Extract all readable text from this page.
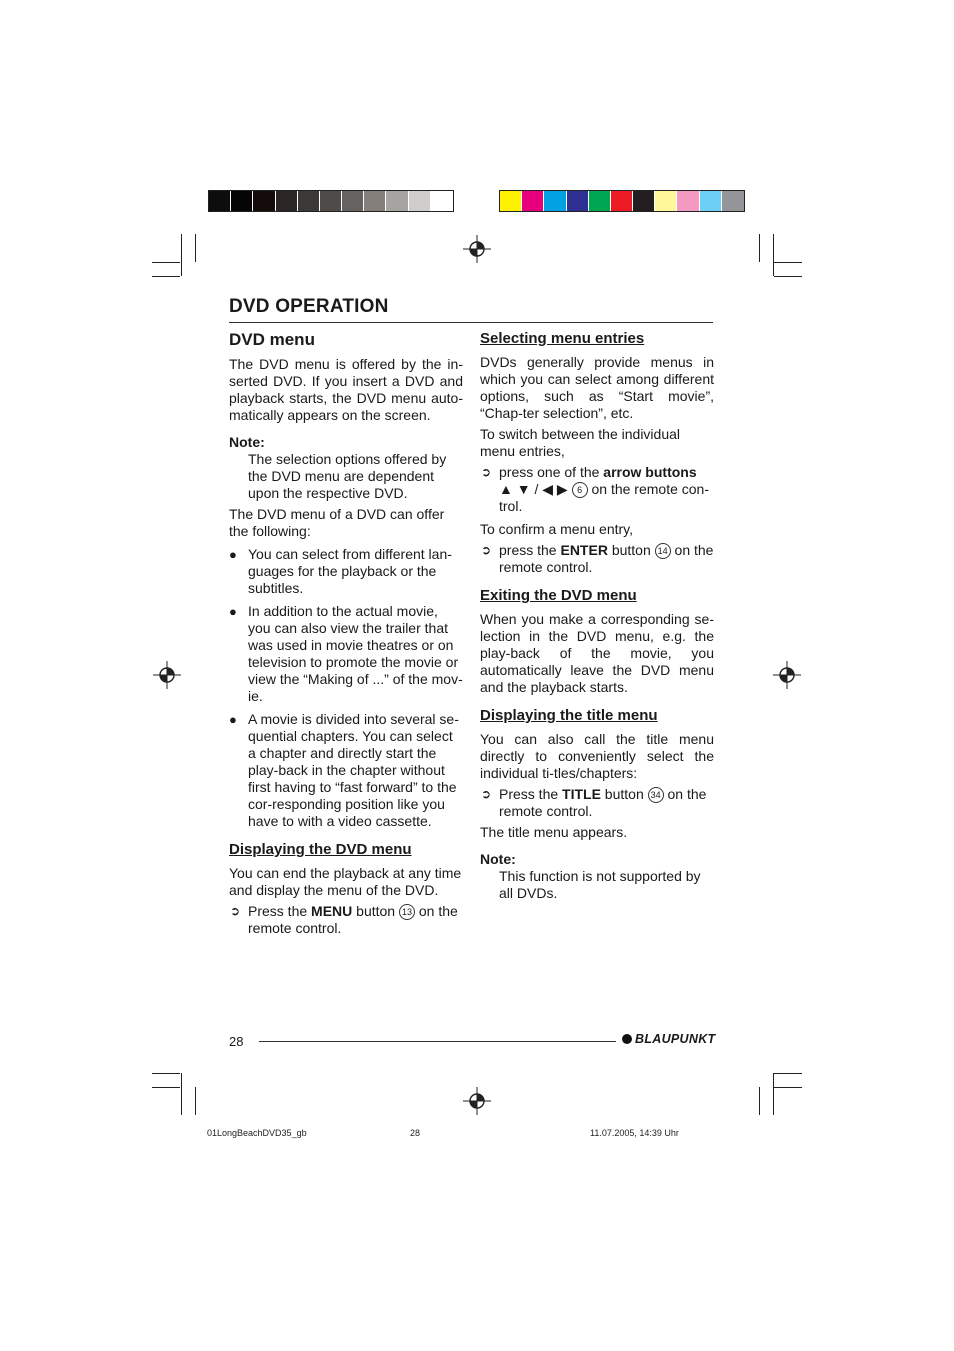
DVD OPERATION
DVD menu

The DVD menu is offered by the in-serted DVD. If you insert a DVD and playback starts, the DVD menu auto-matically appears on the screen.

Note:

The selection options offered by the DVD menu are dependent upon the respective DVD.

The DVD menu of a DVD can offer the following:

● You can select from different lan-guages for the playback or the subtitles.
● In addition to the actual movie, you can also view the trailer that was used in movie theatres or on television to promote the movie or view the “Making of ...” of the mov-ie.
● A movie is divided into several se-quential chapters. You can select a chapter and directly start the play-back in the chapter without first having to “fast forward” to the cor-responding position like you have to with a video cassette.
Displaying the DVD menu

You can end the playback at any time and display the menu of the DVD.

➲ Press the MENU button 13 on the remote control.
Selecting menu entries

DVDs generally provide menus in which you can select among different options, such as “Start movie”, “Chap-ter selection”, etc.

To switch between the individual menu entries,

➲ press one of the arrow buttons
▲ ▼ / ◀ ▶ 6 on the remote con-trol.

To confirm a menu entry,

➲ press the ENTER button 14 on the remote control.
Exiting the DVD menu

When you make a corresponding se-lection in the DVD menu, e.g. the play-back of the movie, you automatically leave the DVD menu and the playback starts.

Displaying the title menu

You can also call the title menu directly to conveniently select the individual ti-tles/chapters:

➲ Press the TITLE button 34 on the remote control.

The title menu appears.

Note:

This function is not supported by all DVDs.

28	BLAUPUNKT
01LongBeachDVD35_gb	28	11.07.2005, 14:39 Uhr
